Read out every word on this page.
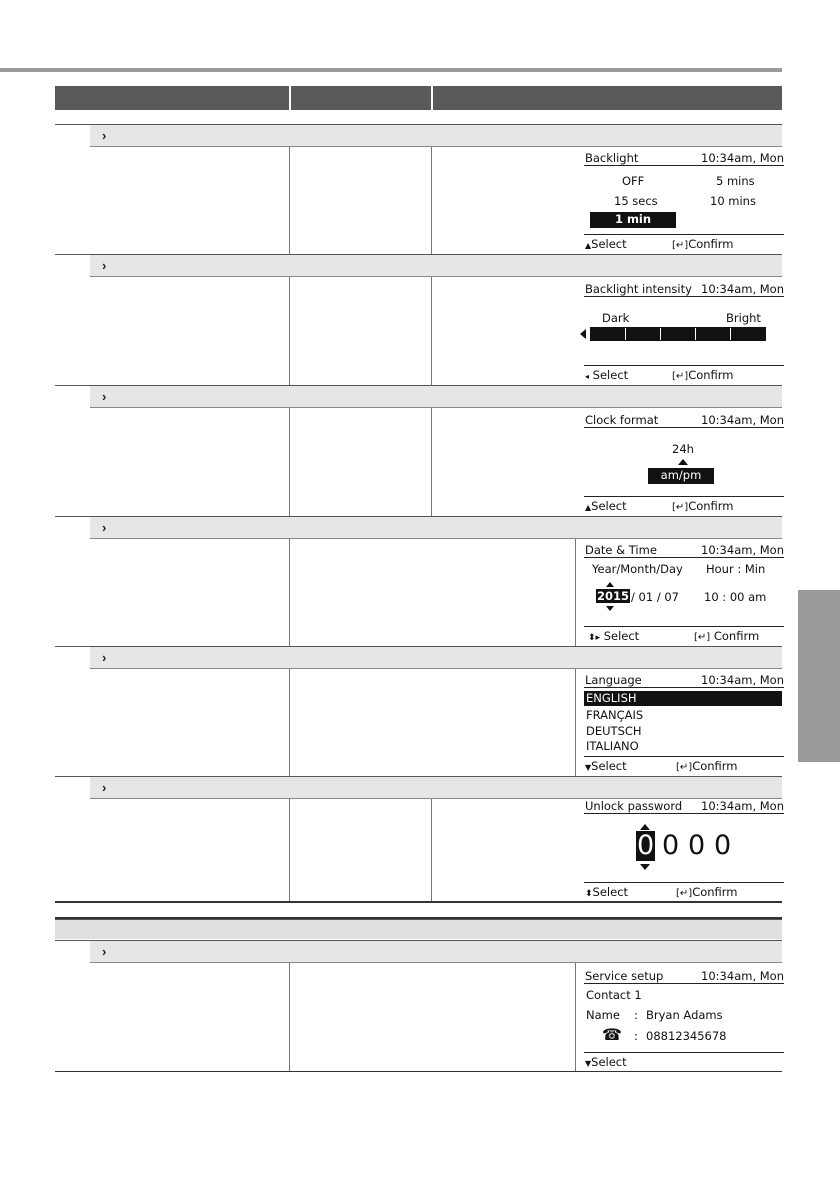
›
Backlight	10:34am, Mon
OFF	5 mins
15 secs	10 mins
1 min
▲Select	[↵]Confirm
›
Backlight intensity 10:34am, Mon
Dark	Bright
◂ Select	[↵]Confirm
›
Clock format	10:34am, Mon
24h
am/pm
▲Select	[↵]Confirm
›
Date & Time	10:34am, Mon
Year/Month/Day Hour : Min
2015 / 01 / 07 10 : 00 am
⬍▸ Select	[↵] Confirm
›
Language	10:34am, Mon
ENGLISH
FRANÇAIS
DEUTSCH
ITALIANO
▼Select	[↵]Confirm
›
Unlock password 10:34am, Mon
0 0 0 0
⬍Select	[↵]Confirm
›
Service setup	10:34am, Mon
Contact 1
Name : Bryan Adams
☎ : 08812345678
▼Select
